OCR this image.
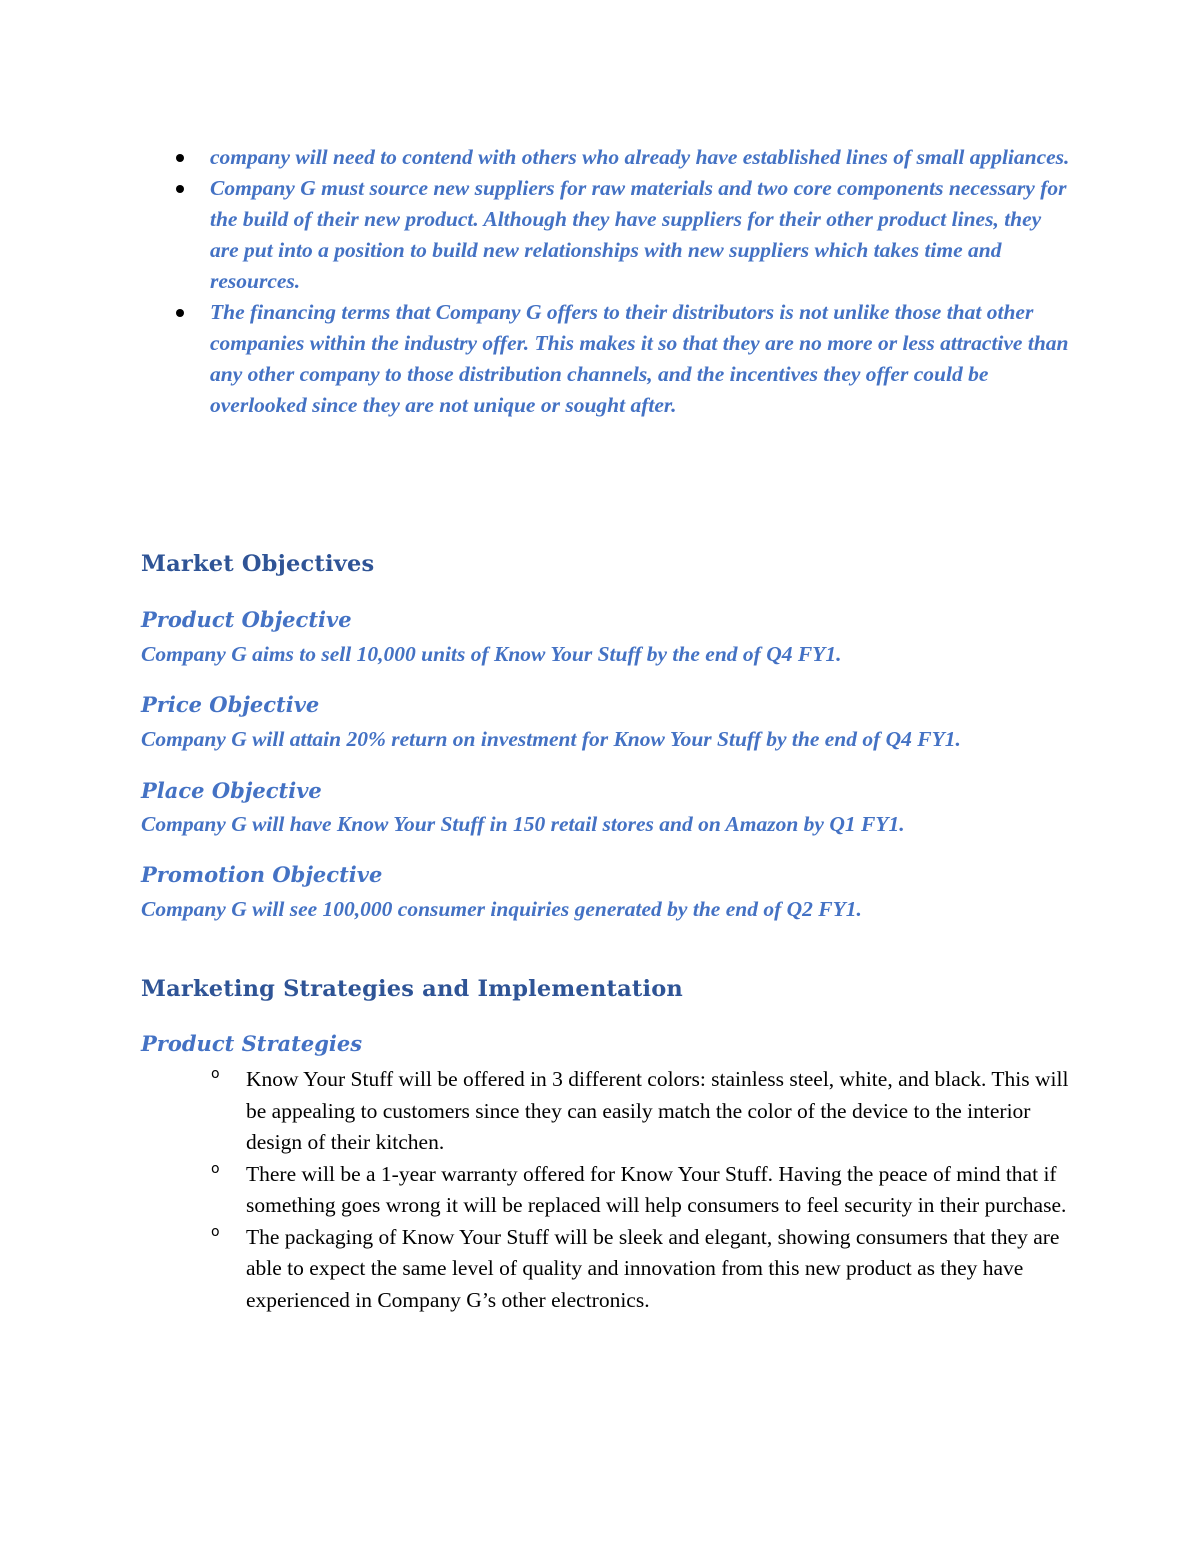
company will need to contend with others who already have established lines of small appliances.
Company G must source new suppliers for raw materials and two core components necessary for the build of their new product. Although they have suppliers for their other product lines, they are put into a position to build new relationships with new suppliers which takes time and resources.
The financing terms that Company G offers to their distributors is not unlike those that other companies within the industry offer. This makes it so that they are no more or less attractive than any other company to those distribution channels, and the incentives they offer could be overlooked since they are not unique or sought after.
Market Objectives
Product Objective

Company G aims to sell 10,000 units of Know Your Stuff by the end of Q4 FY1.

Price Objective

Company G will attain 20% return on investment for Know Your Stuff by the end of Q4 FY1.

Place Objective

Company G will have Know Your Stuff in 150 retail stores and on Amazon by Q1 FY1.

Promotion Objective

Company G will see 100,000 consumer inquiries generated by the end of Q2 FY1.

Marketing Strategies and Implementation
Product Strategies
o Know Your Stuff will be offered in 3 different colors: stainless steel, white, and black. This will be appealing to customers since they can easily match the color of the device to the interior design of their kitchen.
o There will be a 1-year warranty offered for Know Your Stuff. Having the peace of mind that if something goes wrong it will be replaced will help consumers to feel security in their purchase.
o The packaging of Know Your Stuff will be sleek and elegant, showing consumers that they are able to expect the same level of quality and innovation from this new product as they have experienced in Company G’s other electronics.
